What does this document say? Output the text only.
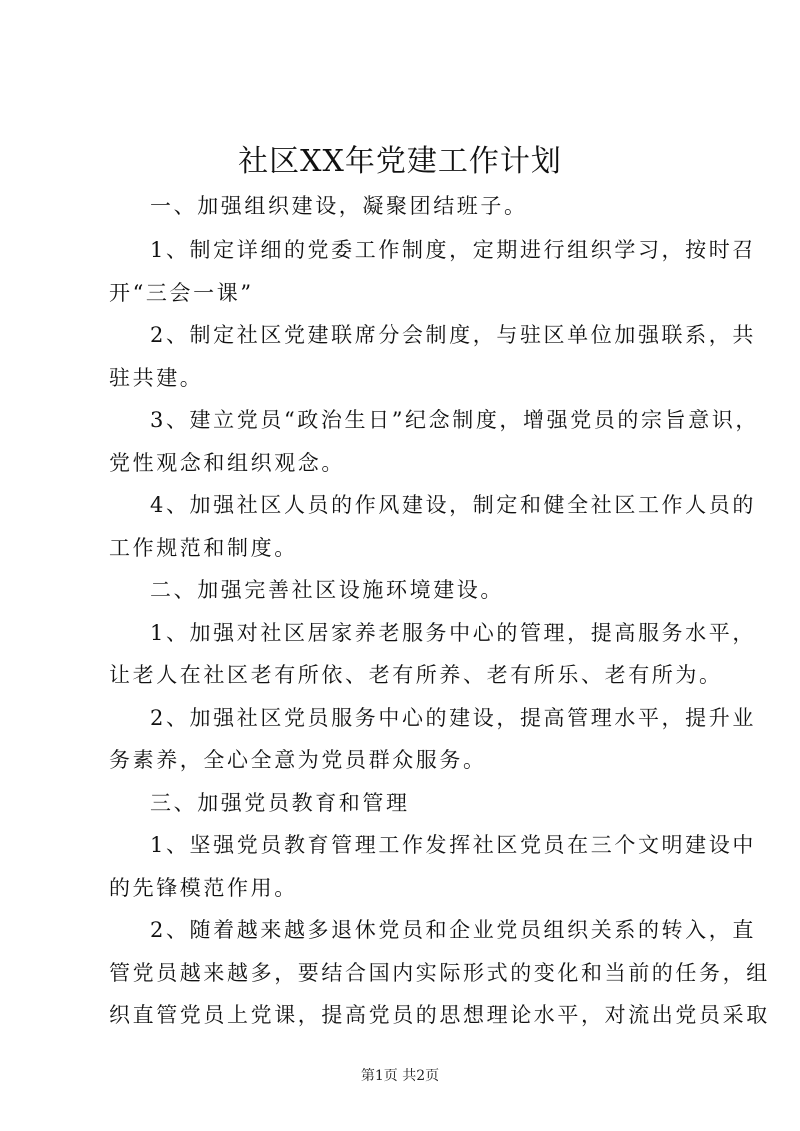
社区XX年党建工作计划
一、加强组织建设，凝聚团结班子。
1、制定详细的党委工作制度，定期进行组织学习，按时召
开“三会一课”
2、制定社区党建联席分会制度，与驻区单位加强联系，共
驻共建。
3、建立党员“政治生日”纪念制度，增强党员的宗旨意识，
党性观念和组织观念。
4、加强社区人员的作风建设，制定和健全社区工作人员的
工作规范和制度。
二、加强完善社区设施环境建设。
1、加强对社区居家养老服务中心的管理，提高服务水平，
让老人在社区老有所依、老有所养、老有所乐、老有所为。
2、加强社区党员服务中心的建设，提高管理水平，提升业
务素养，全心全意为党员群众服务。
三、加强党员教育和管理
1、坚强党员教育管理工作发挥社区党员在三个文明建设中
的先锋模范作用。
2、随着越来越多退休党员和企业党员组织关系的转入，直
管党员越来越多，要结合国内实际形式的变化和当前的任务，组
织直管党员上党课，提高党员的思想理论水平，对流出党员采取
第1页 共2页
